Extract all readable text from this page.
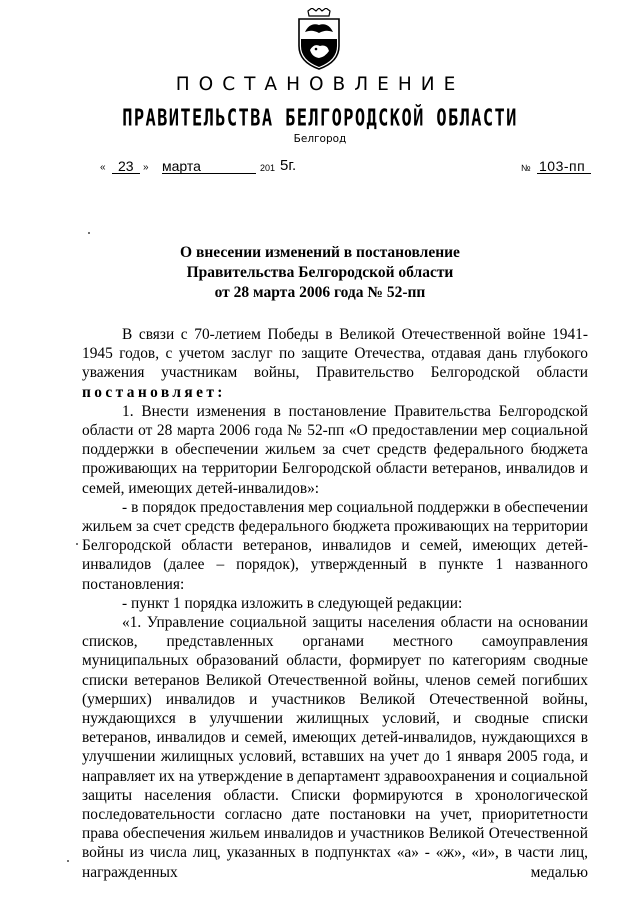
ПОСТАНОВЛЕНИЕ
ПРАВИТЕЛЬСТВА БЕЛГОРОДСКОЙ ОБЛАСТИ
Белгород
« 23 » марта	201 5г.	№ 103-пп
О внесении изменений в постановление
Правительства Белгородской области
от 28 марта 2006 года № 52-пп

В связи с 70-летием Победы в Великой Отечественной войне 1941-1945 годов, с учетом заслуг по защите Отечества, отдавая дань глубокого уважения участникам войны, Правительство Белгородской области

постановляет:

1. Внести изменения в постановление Правительства Белгородской области от 28 марта 2006 года № 52-пп «О предоставлении мер социальной поддержки в обеспечении жильем за счет средств федерального бюджета проживающих на территории Белгородской области ветеранов, инвалидов и семей, имеющих детей-инвалидов»:

- в порядок предоставления мер социальной поддержки в обеспечении жильем за счет средств федерального бюджета проживающих на территории Белгородской области ветеранов, инвалидов и семей, имеющих детей-инвалидов (далее – порядок), утвержденный в пункте 1 названного постановления:

- пункт 1 порядка изложить в следующей редакции:

«1. Управление социальной защиты населения области на основании списков, представленных органами местного самоуправления муниципальных образований области, формирует по категориям сводные списки ветеранов Великой Отечественной войны, членов семей погибших (умерших) инвалидов и участников Великой Отечественной войны, нуждающихся в улучшении жилищных условий, и сводные списки ветеранов, инвалидов и семей, имеющих детей-инвалидов, нуждающихся в улучшении жилищных условий, вставших на учет до 1 января 2005 года, и направляет их на утверждение в департамент здравоохранения и социальной защиты населения области. Списки формируются в хронологической последовательности согласно дате постановки на учет, приоритетности права обеспечения жильем инвалидов и участников Великой Отечественной войны из числа лиц, указанных в подпунктах «а» - «ж», «и», в части лиц, награжденных медалью
